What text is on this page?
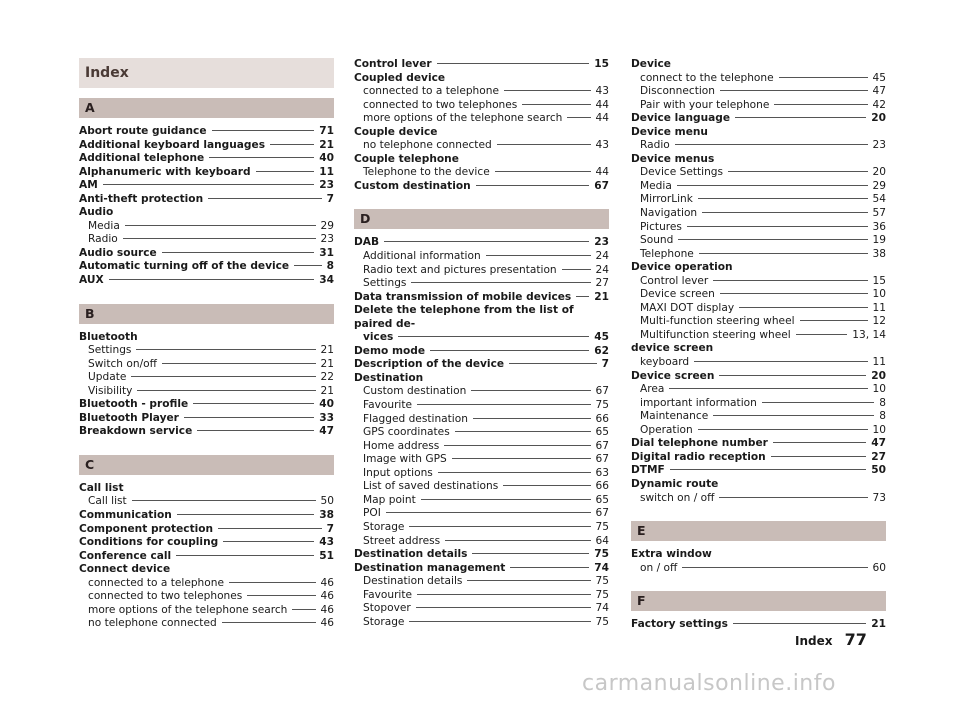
Index
A
Abort route guidance	71
Additional keyboard languages	21
Additional telephone	40
Alphanumeric with keyboard	11
AM	23
Anti-theft protection	7
Audio
Media	29
Radio	23
Audio source	31
Automatic turning off of the device	8
AUX	34
B
Bluetooth
Settings	21
Switch on/off	21
Update	22
Visibility	21
Bluetooth - profile	40
Bluetooth Player	33
Breakdown service	47
C
Call list
Call list	50
Communication	38
Component protection	7
Conditions for coupling	43
Conference call	51
Connect device
connected to a telephone	46
connected to two telephones	46
more options of the telephone search	46
no telephone connected	46
Control lever	15
Coupled device
connected to a telephone	43
connected to two telephones	44
more options of the telephone search	44
Couple device
no telephone connected	43
Couple telephone
Telephone to the device	44
Custom destination	67
D
DAB	23
Additional information	24
Radio text and pictures presentation	24
Settings	27
Data transmission of mobile devices 21
Delete the telephone from the list of paired de-
vices	45
Demo mode	62
Description of the device	7
Destination
Custom destination	67
Favourite	75
Flagged destination	66
GPS coordinates	65
Home address	67
Image with GPS	67
Input options	63
List of saved destinations	66
Map point	65
POI	67
Storage	75
Street address	64
Destination details	75
Destination management	74
Destination details	75
Favourite	75
Stopover	74
Storage	75
Device
connect to the telephone	45
Disconnection	47
Pair with your telephone	42
Device language	20
Device menu
Radio	23
Device menus
Device Settings	20
Media	29
MirrorLink	54
Navigation	57
Pictures	36
Sound	19
Telephone	38
Device operation
Control lever	15
Device screen	10
MAXI DOT display	11
Multi-function steering wheel	12
Multifunction steering wheel	13, 14
device screen
keyboard	11
Device screen	20
Area	10
important information	8
Maintenance	8
Operation	10
Dial telephone number	47
Digital radio reception	27
DTMF	50
Dynamic route
switch on / off	73
E
Extra window
on / off	60
F
Factory settings	21
Index 77
carmanualsonline.info
